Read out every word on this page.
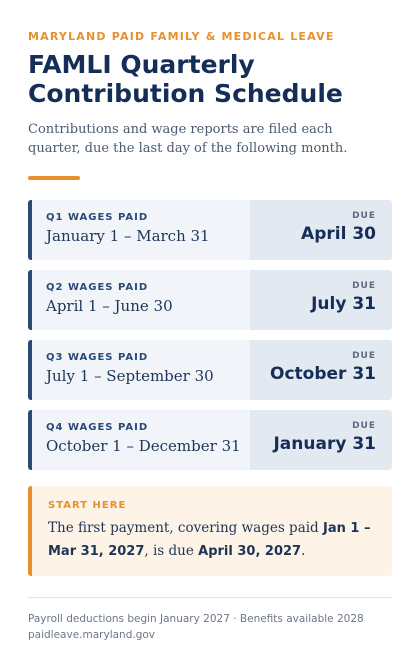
MARYLAND PAID FAMILY & MEDICAL LEAVE
FAMLI Quarterly Contribution Schedule
Contributions and wage reports are filed each quarter, due the last day of the following month.
Q1 WAGES PAID
January 1 – March 31
DUE
April 30
Q2 WAGES PAID
April 1 – June 30
DUE
July 31
Q3 WAGES PAID
July 1 – September 30
DUE
October 31
Q4 WAGES PAID
October 1 – December 31
DUE
January 31
START HERE
The first payment, covering wages paid Jan 1 – Mar 31, 2027, is due April 30, 2027.
Payroll deductions begin January 2027 · Benefits available 2028
paidleave.maryland.gov
